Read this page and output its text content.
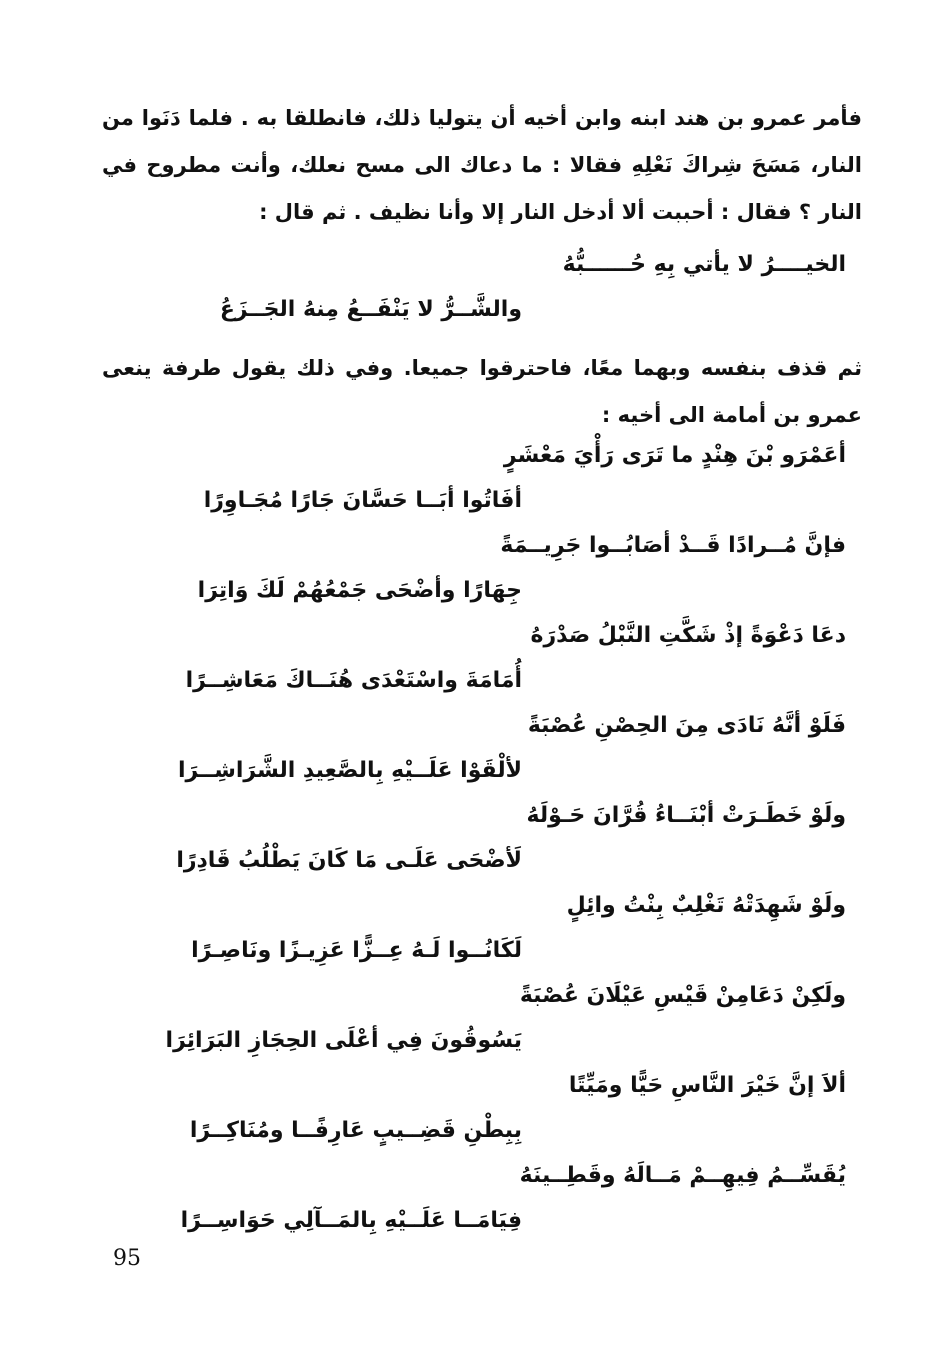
فأمر عمرو بن هند ابنه وابن أخيه أن يتوليا ذلك، فانطلقا به . فلما دَنَوا من النار، مَسَحَ شِراكَ نَعْلِهِ فقالا : ما دعاك الى مسح نعلك، وأنت مطروح في النار ؟ فقال : أحببت ألا أدخل النار إلا وأنا نظيف . ثم قال :
الخيــــرُ لا يأتي بِهِ حُــــــبُّهُ
والشَّــرُّ لا يَنْفَــعُ مِنهُ الجَــزَعُ
ثم قذف بنفسه وبهما معًا، فاحترقوا جميعا. وفي ذلك يقول طرفة ينعى عمرو بن أمامة الى أخيه :
أعَمْرَو بْنَ هِنْدٍ ما تَرَى رَأْيَ مَعْشَرٍ
أفَاتُوا أبَــا حَسَّانَ جَارًا مُجَـاوِرًا
فإنَّ مُــرادًا قَــدْ أصَابُــوا جَرِيــمَةً
جِهَارًا وأضْحَى جَمْعُهُمْ لَكَ وَاتِرَا
دعَا دَعْوَةً إذْ شَكَّتِ النَّبْلُ صَدْرَهُ
أُمَامَةَ واسْتَعْدَى هُنَــاكَ مَعَاشِــرًا
فَلَوْ أنَّهُ نَادَى مِنَ الحِصْنِ عُصْبَةً
لألْقَوْا عَلَــيْهِ بِالصَّعِيدِ الشَّرَاشِــرَا
ولَوْ خَطَـرَتْ أبْنَــاءُ قُرَّانَ حَـوْلَهُ
لَأضْحَى عَلَـى مَا كَانَ يَطْلُبُ قَادِرًا
ولَوْ شَهِدَتْهُ تَغْلِبٌ بِنْتُ وائِلٍ
لَكَانُــوا لَـهُ عِــزًّا عَزِيـزًا ونَاصِـرًا
ولَكِنْ دَعَامِنْ قَيْسِ عَيْلَانَ عُصْبَةً
يَسُوقُونَ فِي أعْلَى الحِجَازِ البَرَائِرَا
ألاَ إنَّ خَيْرَ النَّاسِ حَيًّا ومَيِّتًا
بِبِطْنِ قَضِــيبٍ عَارِفًــا ومُنَاكِــرًا
يُقَسِّــمُ فِيهِــمْ مَــالَهُ وقَطِــينَهُ
فِيَامَــا عَلَــيْهِ بِالمَــآلِي حَوَاسِــرًا
95
